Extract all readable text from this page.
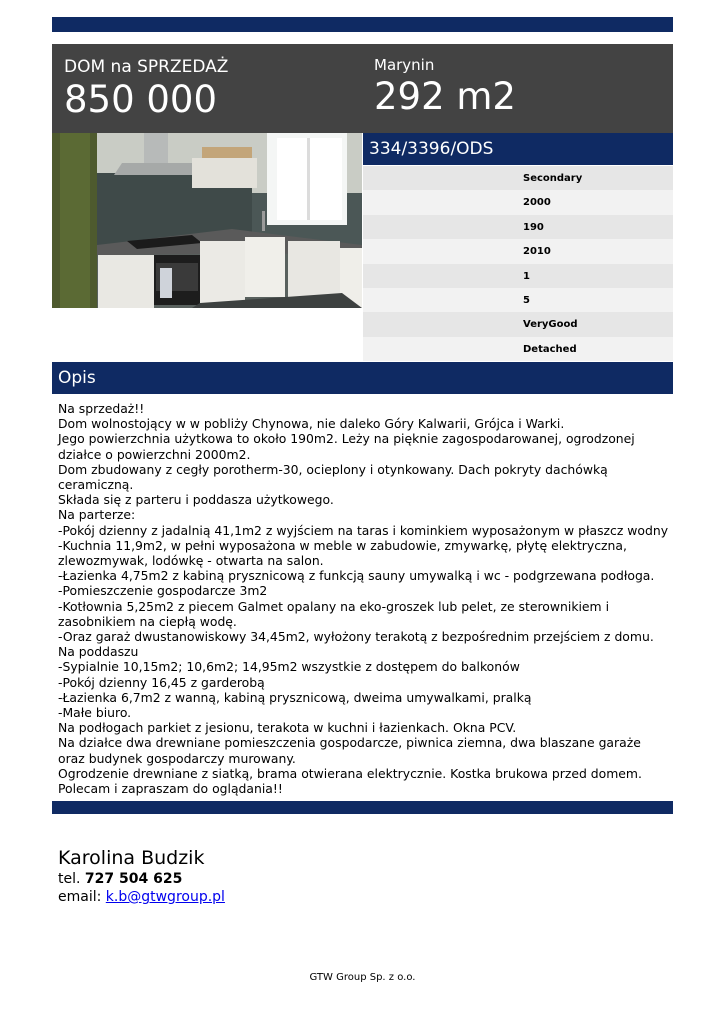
DOM na SPRZEDAŻ
850 000
Marynin
292 m2
334/3396/ODS
Secondary
2000
190
2010
1
5
VeryGood
Detached
Opis
Na sprzedaż!!
Dom wolnostojący w w pobliży Chynowa, nie daleko Góry Kalwarii, Grójca i Warki.
Jego powierzchnia użytkowa to około 190m2. Leży na pięknie zagospodarowanej, ogrodzonej działce o powierzchni 2000m2.
Dom zbudowany z cegły porotherm-30, ocieplony i otynkowany. Dach pokryty dachówką ceramiczną.
Składa się z parteru i poddasza użytkowego.
Na parterze:
-Pokój dzienny z jadalnią 41,1m2 z wyjściem na taras i kominkiem wyposażonym w płaszcz wodny
-Kuchnia 11,9m2, w pełni wyposażona w meble w zabudowie, zmywarkę, płytę elektryczna, zlewozmywak, lodówkę - otwarta na salon.
-Łazienka 4,75m2 z kabiną prysznicową z funkcją sauny umywalką i wc - podgrzewana podłoga.
-Pomieszczenie gospodarcze 3m2
-Kotłownia 5,25m2 z piecem Galmet opalany na eko-groszek lub pelet, ze sterownikiem i zasobnikiem na ciepłą wodę.
-Oraz garaż dwustanowiskowy 34,45m2, wyłożony terakotą z bezpośrednim przejściem z domu.
Na poddaszu
-Sypialnie 10,15m2; 10,6m2; 14,95m2 wszystkie z dostępem do balkonów
-Pokój dzienny 16,45 z garderobą
-Łazienka 6,7m2 z wanną, kabiną prysznicową, dweima umywalkami, pralką
-Małe biuro.
Na podłogach parkiet z jesionu, terakota w kuchni i łazienkach. Okna PCV.
Na działce dwa drewniane pomieszczenia gospodarcze, piwnica ziemna, dwa blaszane garaże oraz budynek gospodarczy murowany.
Ogrodzenie drewniane z siatką, brama otwierana elektrycznie. Kostka brukowa przed domem.
Polecam i zapraszam do oglądania!!
Karolina Budzik
tel. 727 504 625
email: k.b@gtwgroup.pl
GTW Group Sp. z o.o.
